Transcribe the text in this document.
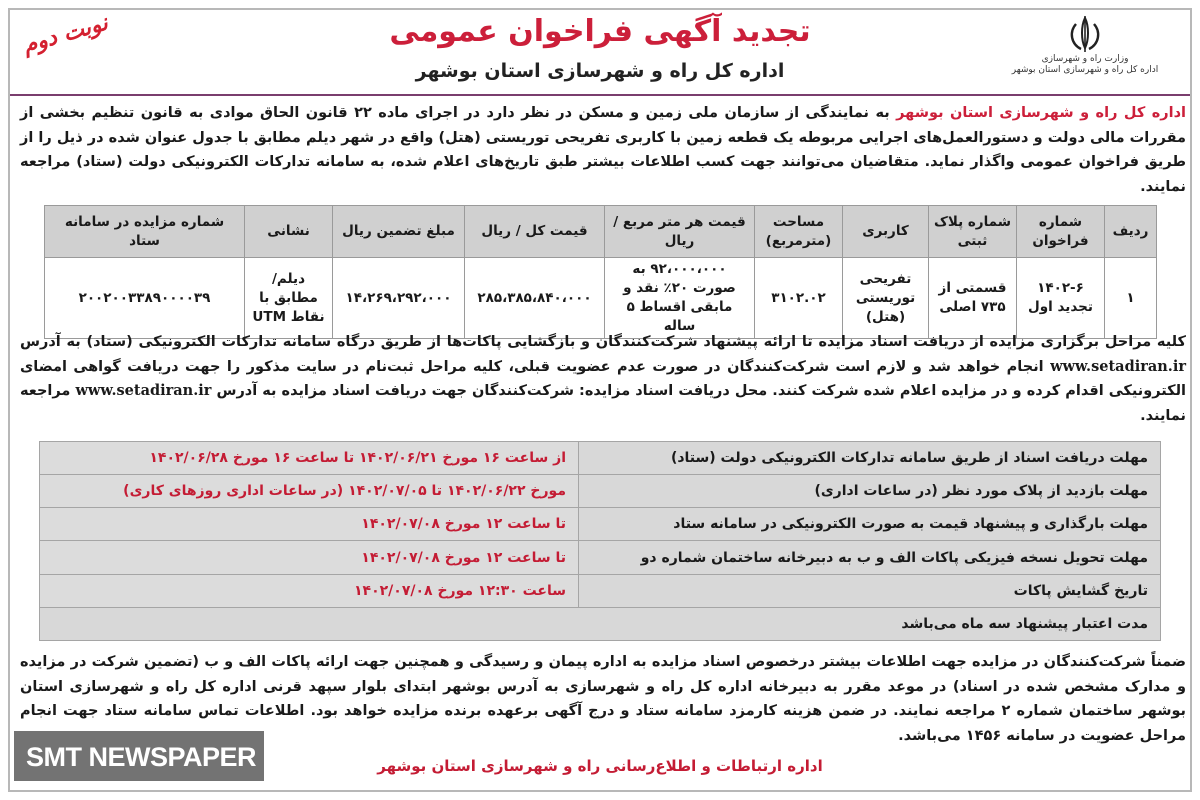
نوبت دوم	تجدید آگهی فراخوان عمومی
اداره کل راه و شهرسازی استان بوشهر
وزارت راه و شهرسازی
اداره کل راه و شهرسازی استان بوشهر
اداره کل راه و شهرسازی استان بوشهر به نمایندگی از سازمان ملی زمین و مسکن در نظر دارد در اجرای ماده ۲۲ قانون الحاق موادی به قانون تنظیم بخشی از مقررات مالی دولت و دستورالعمل‌های اجرایی مربوطه یک قطعه زمین با کاربری تفریحی توریستی (هتل) واقع در شهر دیلم مطابق با جدول عنوان شده در ذیل را از طریق فراخوان عمومی واگذار نماید. متقاضیان می‌توانند جهت کسب اطلاعات بیشتر طبق تاریخ‌های اعلام شده، به سامانه تدارکات الکترونیکی دولت (ستاد) مراجعه نمایند.
ردیف	شماره فراخوان	شماره پلاک ثبتی	کاربری	مساحت (مترمربع)	قیمت هر متر مربع / ریال	قیمت کل / ریال	مبلغ تضمین ریال	نشانی	شماره مزایده در سامانه ستاد
۱	۱۴۰۲-۶ تجدید اول	قسمتی از ۷۳۵ اصلی	تفریحی توریستی (هتل)	۳۱۰۲.۰۲	۹۲،۰۰۰،۰۰۰ به صورت ۲۰٪ نقد و مابقی اقساط ۵ ساله	۲۸۵،۳۸۵،۸۴۰،۰۰۰	۱۴،۲۶۹،۲۹۲،۰۰۰	دیلم/ مطابق با نقاط UTM	۲۰۰۲۰۰۳۳۸۹۰۰۰۰۳۹
کلیه مراحل برگزاری مزایده از دریافت اسناد مزایده تا ارائه پیشنهاد شرکت‌کنندگان و بازگشایی پاکات‌ها از طریق درگاه سامانه تدارکات الکترونیکی (ستاد) به آدرس www.setadiran.ir انجام خواهد شد و لازم است شرکت‌کنندگان در صورت عدم عضویت قبلی، کلیه مراحل ثبت‌نام در سایت مذکور را جهت دریافت گواهی امضای الکترونیکی اقدام کرده و در مزایده اعلام شده شرکت کنند. محل دریافت اسناد مزایده: شرکت‌کنندگان جهت دریافت اسناد مزایده به آدرس www.setadiran.ir مراجعه نمایند.
مهلت دریافت اسناد از طریق سامانه تدارکات الکترونیکی دولت (ستاد)	از ساعت ۱۶ مورخ ۱۴۰۲/۰۶/۲۱ تا ساعت ۱۶ مورخ ۱۴۰۲/۰۶/۲۸
مهلت بازدید از پلاک مورد نظر (در ساعات اداری)	مورخ ۱۴۰۲/۰۶/۲۲ تا ۱۴۰۲/۰۷/۰۵ (در ساعات اداری روزهای کاری)
مهلت بارگذاری و پیشنهاد قیمت به صورت الکترونیکی در سامانه ستاد	تا ساعت ۱۲ مورخ ۱۴۰۲/۰۷/۰۸
مهلت تحویل نسخه فیزیکی پاکات الف و ب به دبیرخانه ساختمان شماره دو	تا ساعت ۱۲ مورخ ۱۴۰۲/۰۷/۰۸
تاریخ گشایش پاکات	ساعت ۱۲:۳۰ مورخ ۱۴۰۲/۰۷/۰۸
مدت اعتبار پیشنهاد سه ماه می‌باشد	
ضمناً شرکت‌کنندگان در مزایده جهت اطلاعات بیشتر درخصوص اسناد مزایده به اداره پیمان و رسیدگی و همچنین جهت ارائه پاکات الف و ب (تضمین شرکت در مزایده و مدارک مشخص شده در اسناد) در موعد مقرر به دبیرخانه اداره کل راه و شهرسازی به آدرس بوشهر ابتدای بلوار سپهد قرنی اداره کل راه و شهرسازی استان بوشهر ساختمان شماره ۲ مراجعه نمایند. در ضمن هزینه کارمزد سامانه ستاد و درج آگهی برعهده برنده مزایده خواهد بود. اطلاعات تماس سامانه ستاد جهت انجام مراحل عضویت در سامانه ۱۴۵۶ می‌باشد.
اداره ارتباطات و اطلاع‌رسانی راه و شهرسازی استان بوشهر
SMT NEWSPAPER
